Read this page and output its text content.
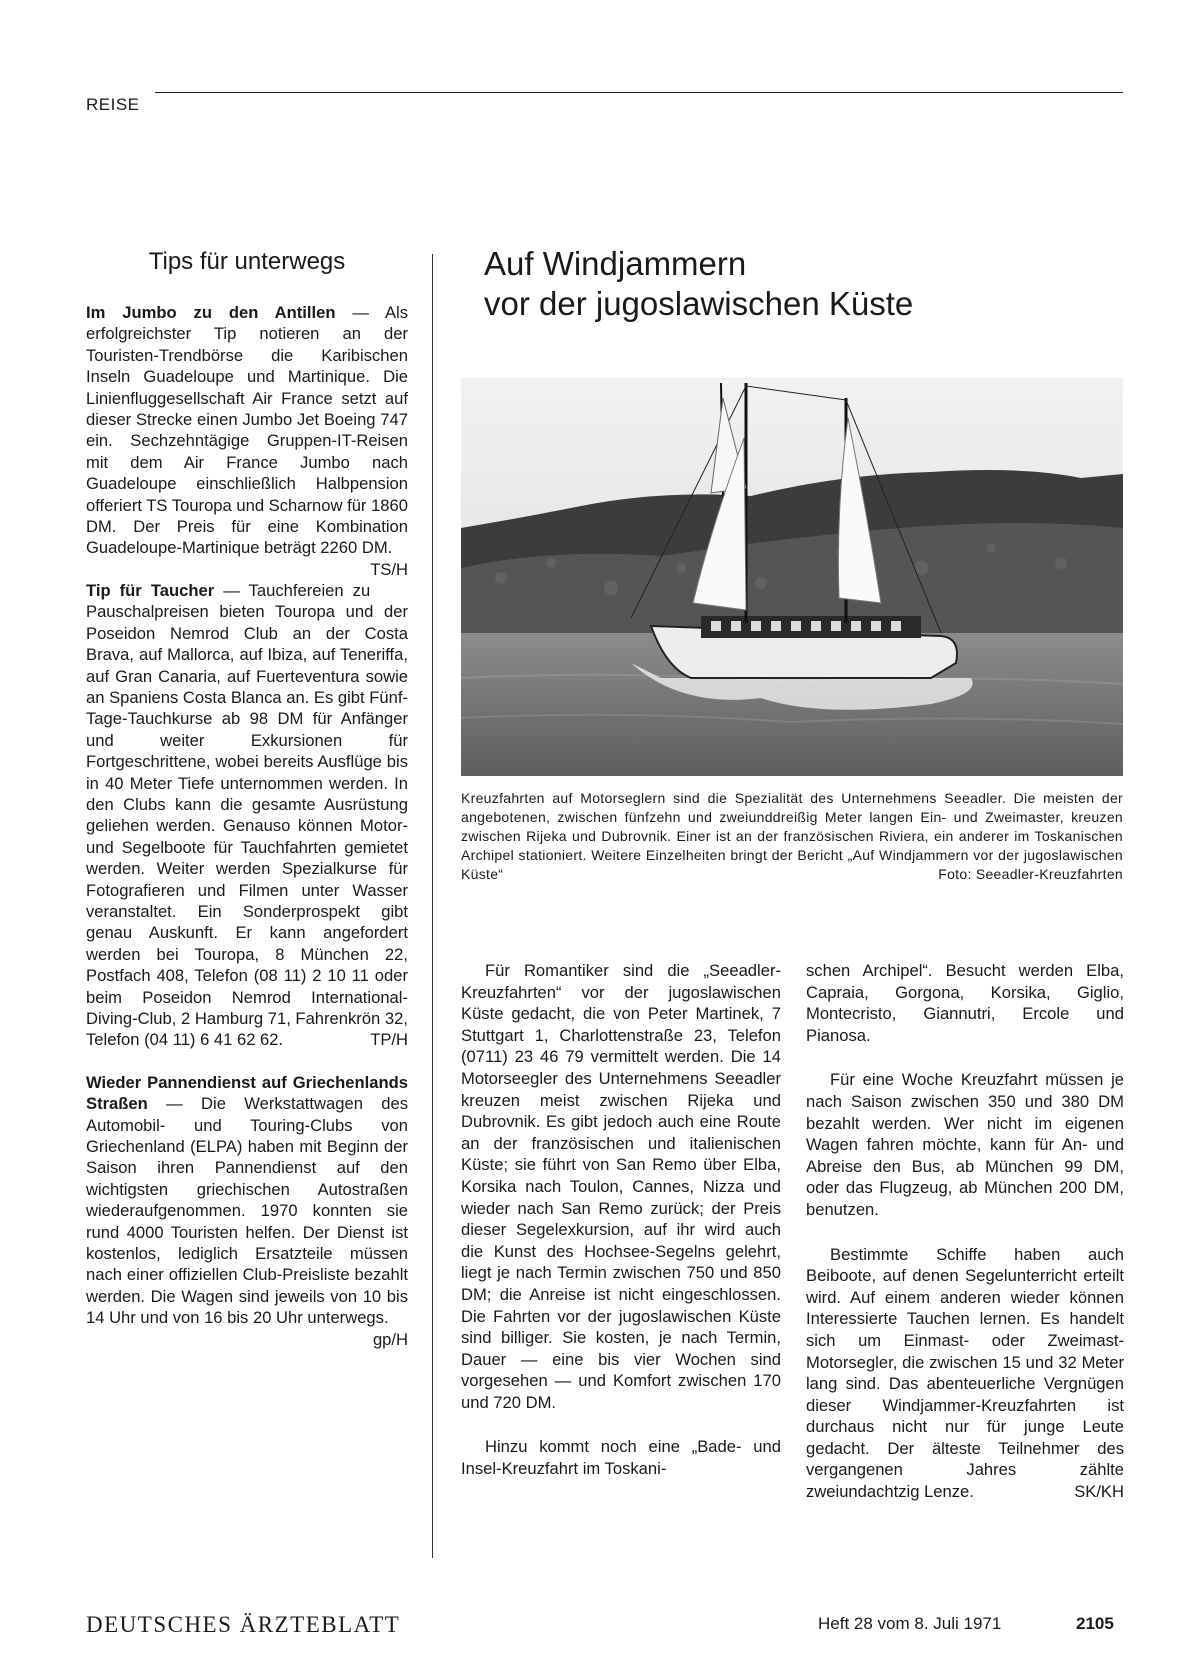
REISE
Tips für unterwegs

Im Jumbo zu den Antillen — Als erfolgreichster Tip notieren an der Touristen-Trendbörse die Karibischen Inseln Guadeloupe und Martinique. Die Linienfluggesellschaft Air France setzt auf dieser Strecke einen Jumbo Jet Boeing 747 ein. Sechzehntägige Gruppen-IT-Reisen mit dem Air France Jumbo nach Guadeloupe einschließlich Halbpension offeriert TS Touropa und Scharnow für 1860 DM. Der Preis für eine Kombination Guadeloupe-Martinique beträgt 2260 DM.
TS/H

Tip für Taucher — Tauchfereien zu Pauschalpreisen bieten Touropa und der Poseidon Nemrod Club an der Costa Brava, auf Mallorca, auf Ibiza, auf Teneriffa, auf Gran Canaria, auf Fuerteventura sowie an Spaniens Costa Blanca an. Es gibt Fünf-Tage-Tauchkurse ab 98 DM für Anfänger und weiter Exkursionen für Fortgeschrittene, wobei bereits Ausflüge bis in 40 Meter Tiefe unternommen werden. In den Clubs kann die gesamte Ausrüstung geliehen werden. Genauso können Motor- und Segelboote für Tauchfahrten gemietet werden. Weiter werden Spezialkurse für Fotografieren und Filmen unter Wasser veranstaltet. Ein Sonderprospekt gibt genau Auskunft. Er kann angefordert werden bei Touropa, 8 München 22, Postfach 408, Telefon (08 11) 2 10 11 oder beim Poseidon Nemrod International-Diving-Club, 2 Hamburg 71, Fahrenkrön 32, Telefon (04 11) 6 41 62 62.	TP/H

Wieder Pannendienst auf Griechenlands Straßen — Die Werkstattwagen des Automobil- und Touring-Clubs von Griechenland (ELPA) haben mit Beginn der Saison ihren Pannendienst auf den wichtigsten griechischen Autostraßen wiederaufgenommen. 1970 konnten sie rund 4000 Touristen helfen. Der Dienst ist kostenlos, lediglich Ersatzteile müssen nach einer offiziellen Club-Preisliste bezahlt werden. Die Wagen sind jeweils von 10 bis 14 Uhr und von 16 bis 20 Uhr unterwegs.
gp/H

Auf Windjammern
vor der jugoslawischen Küste
Kreuzfahrten auf Motorseglern sind die Spezialität des Unternehmens Seeadler. Die meisten der angebotenen, zwischen fünfzehn und zweiunddreißig Meter langen Ein- und Zweimaster, kreuzen zwischen Rijeka und Dubrovnik. Einer ist an der französischen Riviera, ein anderer im Toskanischen Archipel stationiert. Weitere Einzelheiten bringt der Bericht „Auf Windjammern vor der jugoslawischen Küste“	Foto: Seeadler-Kreuzfahrten

Für Romantiker sind die „Seeadler-Kreuzfahrten“ vor der jugoslawischen Küste gedacht, die von Peter Martinek, 7 Stuttgart 1, Charlottenstraße 23, Telefon (0711) 23 46 79 vermittelt werden. Die 14 Motorseegler des Unternehmens Seeadler kreuzen meist zwischen Rijeka und Dubrovnik. Es gibt jedoch auch eine Route an der französischen und italienischen Küste; sie führt von San Remo über Elba, Korsika nach Toulon, Cannes, Nizza und wieder nach San Remo zurück; der Preis dieser Segelexkursion, auf ihr wird auch die Kunst des Hochsee-Segelns gelehrt, liegt je nach Termin zwischen 750 und 850 DM; die Anreise ist nicht eingeschlossen. Die Fahrten vor der jugoslawischen Küste sind billiger. Sie kosten, je nach Termin, Dauer — eine bis vier Wochen sind vorgesehen — und Komfort zwischen 170 und 720 DM.

Hinzu kommt noch eine „Bade- und Insel-Kreuzfahrt im Toskani-

schen Archipel“. Besucht werden Elba, Capraia, Gorgona, Korsika, Giglio, Montecristo, Giannutri, Ercole und Pianosa.

Für eine Woche Kreuzfahrt müssen je nach Saison zwischen 350 und 380 DM bezahlt werden. Wer nicht im eigenen Wagen fahren möchte, kann für An- und Abreise den Bus, ab München 99 DM, oder das Flugzeug, ab München 200 DM, benutzen.

Bestimmte Schiffe haben auch Beiboote, auf denen Segelunterricht erteilt wird. Auf einem anderen wieder können Interessierte Tauchen lernen. Es handelt sich um Einmast- oder Zweimast-Motorsegler, die zwischen 15 und 32 Meter lang sind. Das abenteuerliche Vergnügen dieser Windjammer-Kreuzfahrten ist durchaus nicht nur für junge Leute gedacht. Der älteste Teilnehmer des vergangenen Jahres zählte zweiundachtzig Lenze.	SK/KH

DEUTSCHES ÄRZTEBLATT	Heft 28 vom 8. Juli 1971	2105
